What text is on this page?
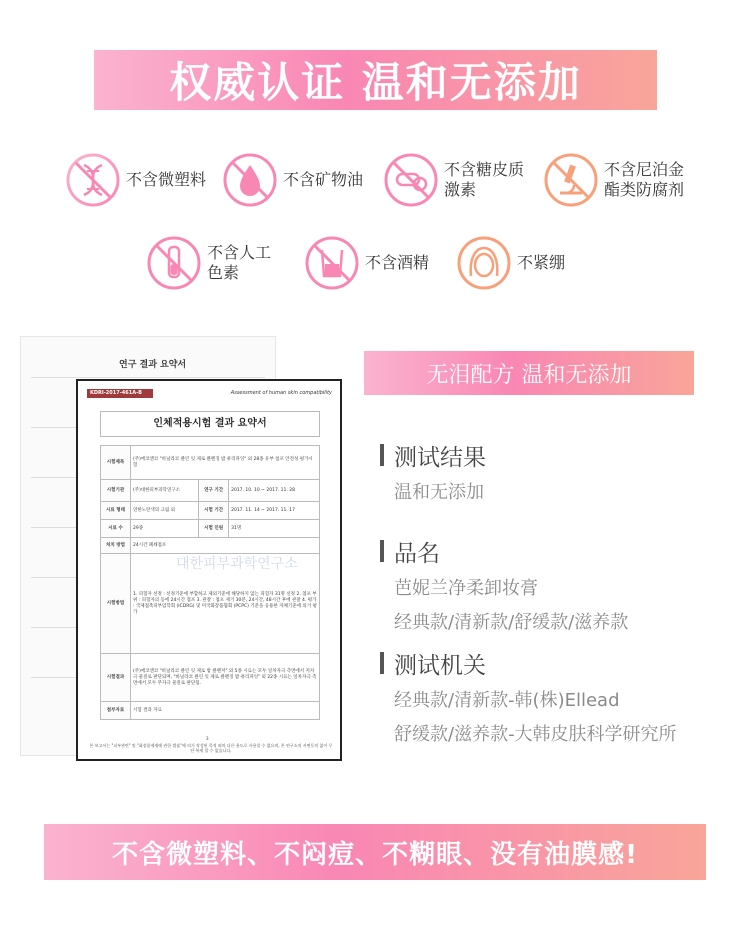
权威认证 温和无添加
不含微塑料	不含矿物油
不含糖皮质
激素
不含尼泊金
酯类防腐剂
不含人工
色素
不含酒精	不紧绷
연구 결과 요약서
KDRI-2017-461A-B	Assessment of human skin compatibility
인체적용시험 결과 요약서
시험제목	(주)에코앤코 "바닐라코 클린 잇 제로 클렌징 밤 퓨리파잉" 외 28종 유부 첨포 안전성 평가시험		
시험기관	(주)대한피부과학연구소	연구 기간	2017. 10. 10 ~ 2017. 11. 28
시료 형태	연한노란색의 크림 외	시험 기간	2017. 11. 14 ~ 2017. 11. 17
시료 수	29종	시험 인원	31명
처치 방법	24시간 폐쇄첩포		
시험방법	1. 피험자 선정 : 선정기준에 부합하고 제외기준에 해당하지 않는 피험자 31명 선정 2. 첩포 부위 : 피험자의 등에 24시간 첩포 3. 관찰 : 첩포 제거 30분, 24시간, 48시간 후에 관찰 4. 평가 : 국제접촉피부염학회 (ICDRG) 및 미국화장품협회 (PCPC) 기준을 응용한 자체기준에 의거 평가		
시험결과	(주)에코앤코 "바닐라코 클린 잇 제로 밤 클렌저" 외 5종 시료는 모두 일차자극 측면에서 저자극 물질로 판단되며, "바닐라코 클린 잇 제로 클렌징 밤 퓨리파잉" 외 22종 시료는 일차자극 측면에서 모두 무자극 물질로 판단됨.		
첨부자료	시험 결과 자료		
대한피부과학연구소
3
본 보고서는 "피부관련" 및 "화장품제재에 관한 법률"에 의거 작성된 목적 외의 다른 용도로 사용할 수 없으며, 본 연구소의 서면동의 없이 무단 복제 할 수 없습니다.
无泪配方 温和无添加
测试结果
温和无添加
品名
芭妮兰净柔卸妆膏
经典款/清新款/舒缓款/滋养款
测试机关
经典款/清新款-韩(株)Ellead
舒缓款/滋养款-大韩皮肤科学研究所
不含微塑料、不闷痘、不糊眼、没有油膜感!
